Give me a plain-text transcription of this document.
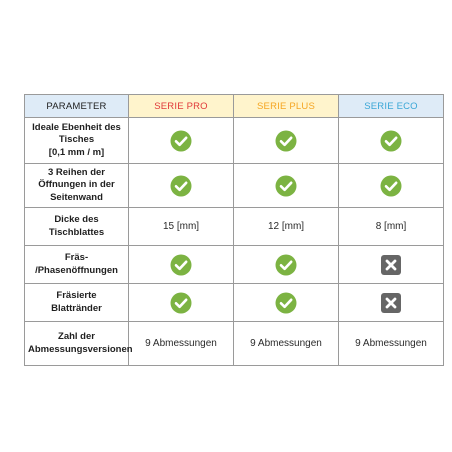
PARAMETER	SERIE PRO	SERIE PLUS	SERIE ECO

Ideale Ebenheit des
Tisches
[0,1 mm / m]

3 Reihen der
Öffnungen in der
Seitenwand

Dicke des
Tischblattes	15 [mm]	12 [mm]	8 [mm]

Fräs-
/Phasenöffnungen

Fräsierte
Blattränder

Zahl der
Abmessungsversionen	9 Abmessungen	9 Abmessungen	9 Abmessungen
